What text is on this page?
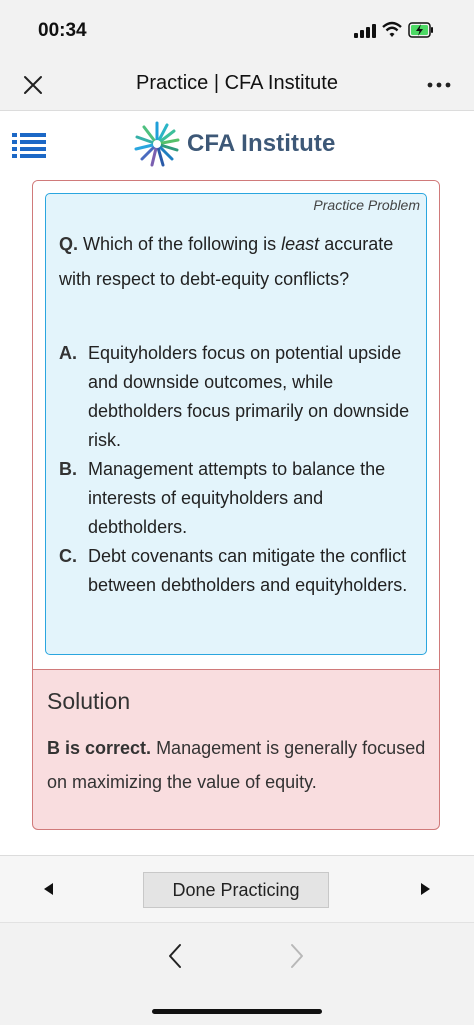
00:34
Practice | CFA Institute
CFA Institute
Practice Problem
Q. Which of the following is least accurate with respect to debt-equity conflicts?
A. Equityholders focus on potential upside and downside outcomes, while debtholders focus primarily on downside risk.
B. Management attempts to balance the interests of equityholders and debtholders.
C. Debt covenants can mitigate the conflict between debtholders and equityholders.
Solution
B is correct. Management is generally focused on maximizing the value of equity.
Done Practicing
